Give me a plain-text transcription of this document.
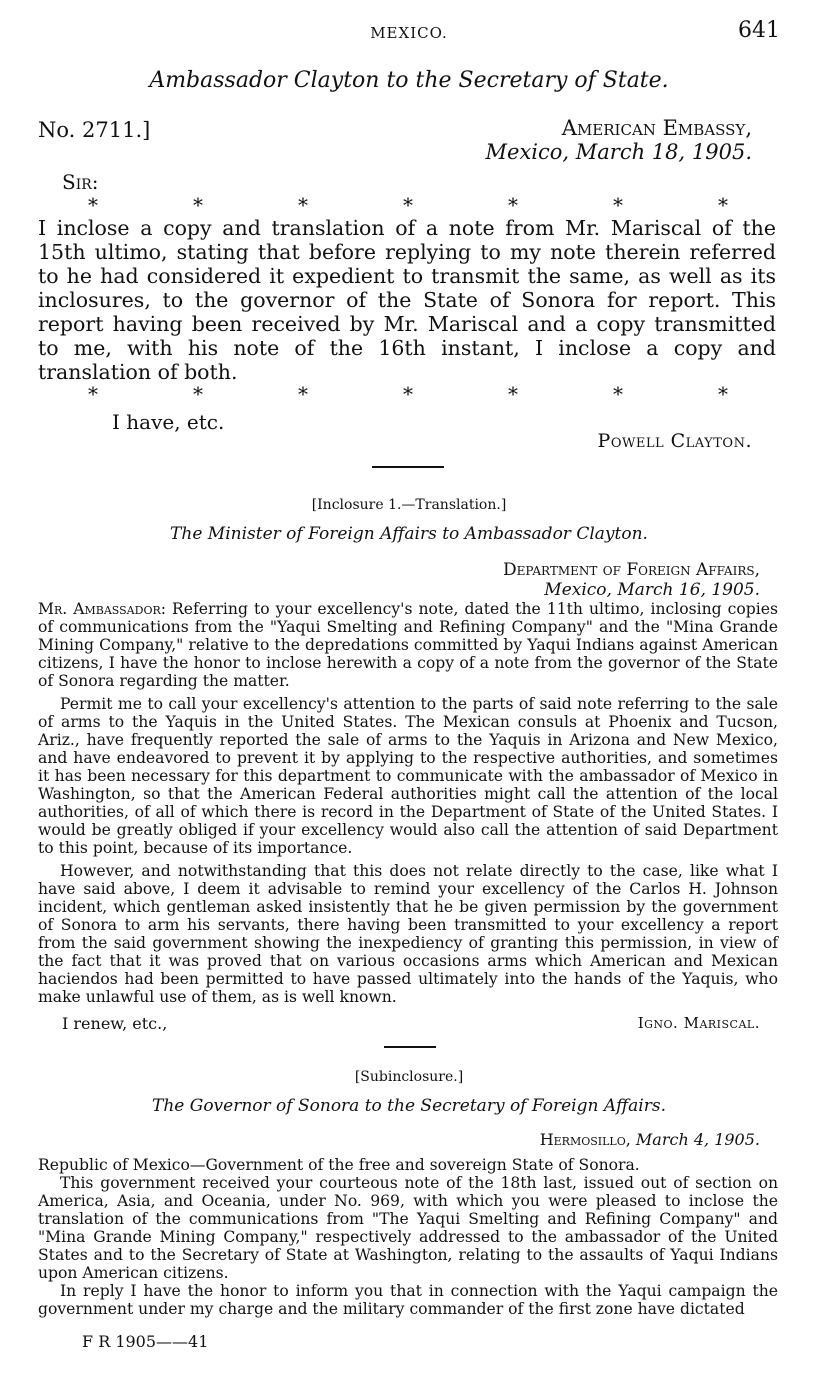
MEXICO.	641
Ambassador Clayton to the Secretary of State.
No. 2711.]	American Embassy,
Mexico, March 18, 1905.
Sir:
*	*	*	*	*	*	*
I inclose a copy and translation of a note from Mr. Mariscal of the 15th ultimo, stating that before replying to my note therein referred to he had considered it expedient to transmit the same, as well as its inclosures, to the governor of the State of Sonora for report. This report having been received by Mr. Mariscal and a copy transmitted to me, with his note of the 16th instant, I inclose a copy and translation of both.
*	*	*	*	*	*	*
I have, etc.
Powell Clayton.
[Inclosure 1.—Translation.]
The Minister of Foreign Affairs to Ambassador Clayton.
Department of Foreign Affairs,
Mexico, March 16, 1905.
Mr. Ambassador: Referring to your excellency's note, dated the 11th ultimo, inclosing copies of communications from the "Yaqui Smelting and Refining Company" and the "Mina Grande Mining Company," relative to the depredations committed by Yaqui Indians against American citizens, I have the honor to inclose herewith a copy of a note from the governor of the State of Sonora regarding the matter.
Permit me to call your excellency's attention to the parts of said note referring to the sale of arms to the Yaquis in the United States. The Mexican consuls at Phoenix and Tucson, Ariz., have frequently reported the sale of arms to the Yaquis in Arizona and New Mexico, and have endeavored to prevent it by applying to the respective authorities, and sometimes it has been necessary for this department to communicate with the ambassador of Mexico in Washington, so that the American Federal authorities might call the attention of the local authorities, of all of which there is record in the Department of State of the United States. I would be greatly obliged if your excellency would also call the attention of said Department to this point, because of its importance.
However, and notwithstanding that this does not relate directly to the case, like what I have said above, I deem it advisable to remind your excellency of the Carlos H. Johnson incident, which gentleman asked insistently that he be given permission by the government of Sonora to arm his servants, there having been transmitted to your excellency a report from the said government showing the inexpediency of granting this permission, in view of the fact that it was proved that on various occasions arms which American and Mexican haciendos had been permitted to have passed ultimately into the hands of the Yaquis, who make unlawful use of them, as is well known.
I renew, etc.,	Igno. Mariscal.
[Subinclosure.]
The Governor of Sonora to the Secretary of Foreign Affairs.
Hermosillo, March 4, 1905.
Republic of Mexico—Government of the free and sovereign State of Sonora.
This government received your courteous note of the 18th last, issued out of section on America, Asia, and Oceania, under No. 969, with which you were pleased to inclose the translation of the communications from "The Yaqui Smelting and Refining Company" and "Mina Grande Mining Company," respectively addressed to the ambassador of the United States and to the Secretary of State at Washington, relating to the assaults of Yaqui Indians upon American citizens.
In reply I have the honor to inform you that in connection with the Yaqui campaign the government under my charge and the military commander of the first zone have dictated
F R 1905——41
